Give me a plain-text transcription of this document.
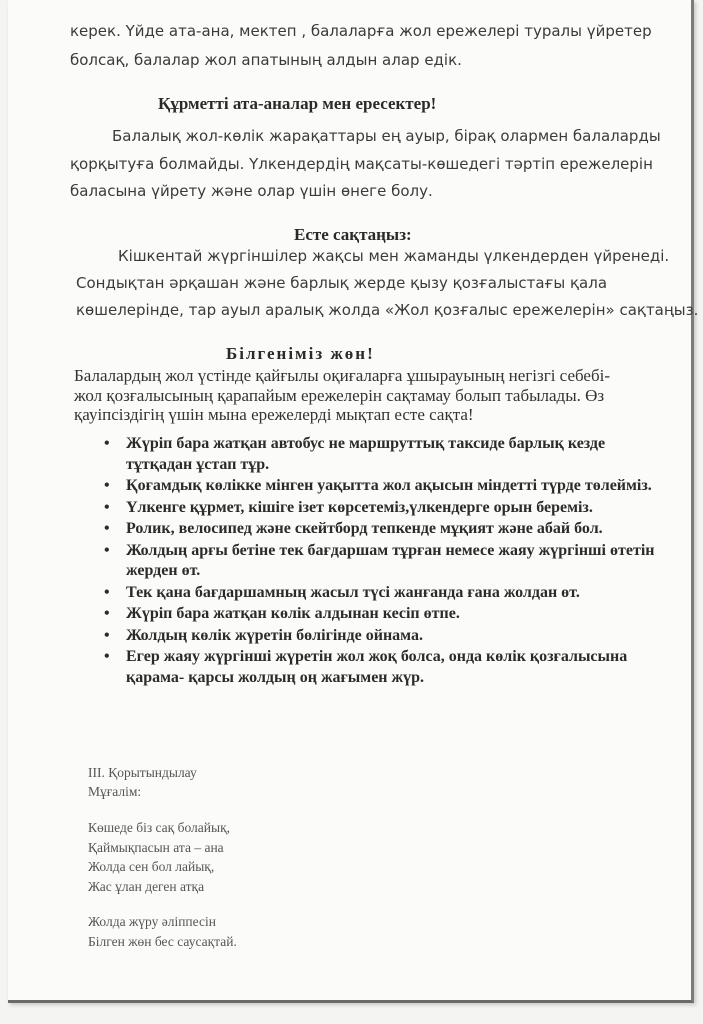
керек. Үйде ата-ана, мектеп , балаларға жол ережелері туралы үйретер

болсақ, балалар жол апатының алдын алар едік.

Құрметті ата-аналар мен ересектер!

Балалық жол-көлік жарақаттары ең ауыр, бірақ олармен балаларды

қорқытуға болмайды. Үлкендердің мақсаты-көшедегі тәртіп ережелерін

баласына үйрету және олар үшін өнеге болу.

Есте сақтаңыз:

Кішкентай жүргіншілер жақсы мен жаманды үлкендерден үйренеді.

Сондықтан әрқашан және барлық жерде қызу қозғалыстағы қала

көшелерінде, тар ауыл аралық жолда «Жол қозғалыс ережелерін» сақтаңыз.

Білгеніміз жөн!

Балалардың жол үстінде қайғылы оқиғаларға ұшырауының негізгі себебі-

жол қозғалысының қарапайым ережелерін сақтамау болып табылады. Өз

қауіпсіздігің үшін мына ережелерді мықтап есте сақта!

• Жүріп бара жатқан автобус не маршруттық таксиде барлық кезде тұтқадан ұстап тұр.
• Қоғамдық көлікке мінген уақытта жол ақысын міндетті түрде төлейміз.
• Үлкенге құрмет, кішіге ізет көрсетеміз,үлкендерге орын береміз.
• Ролик, велосипед және скейтборд тепкенде мұқият және абай бол.
• Жолдың арғы бетіне тек бағдаршам тұрған немесе жаяу жүргінші өтетін жерден өт.
• Тек қана бағдаршамның жасыл түсі жанғанда ғана жолдан өт.
• Жүріп бара жатқан көлік алдынан кесіп өтпе.
• Жолдың көлік жүретін бөлігінде ойнама.
• Егер жаяу жүргінші жүретін жол жоқ болса, онда көлік қозғалысына қарама- қарсы жолдың оң жағымен жүр.

III. Қорытындылау

Мұғалім:

Көшеде біз сақ болайық,

Қаймықпасын ата – ана

Жолда сен бол лайық,

Жас ұлан деген атқа

Жолда жүру әліппесін

Білген жөн бес саусақтай.
